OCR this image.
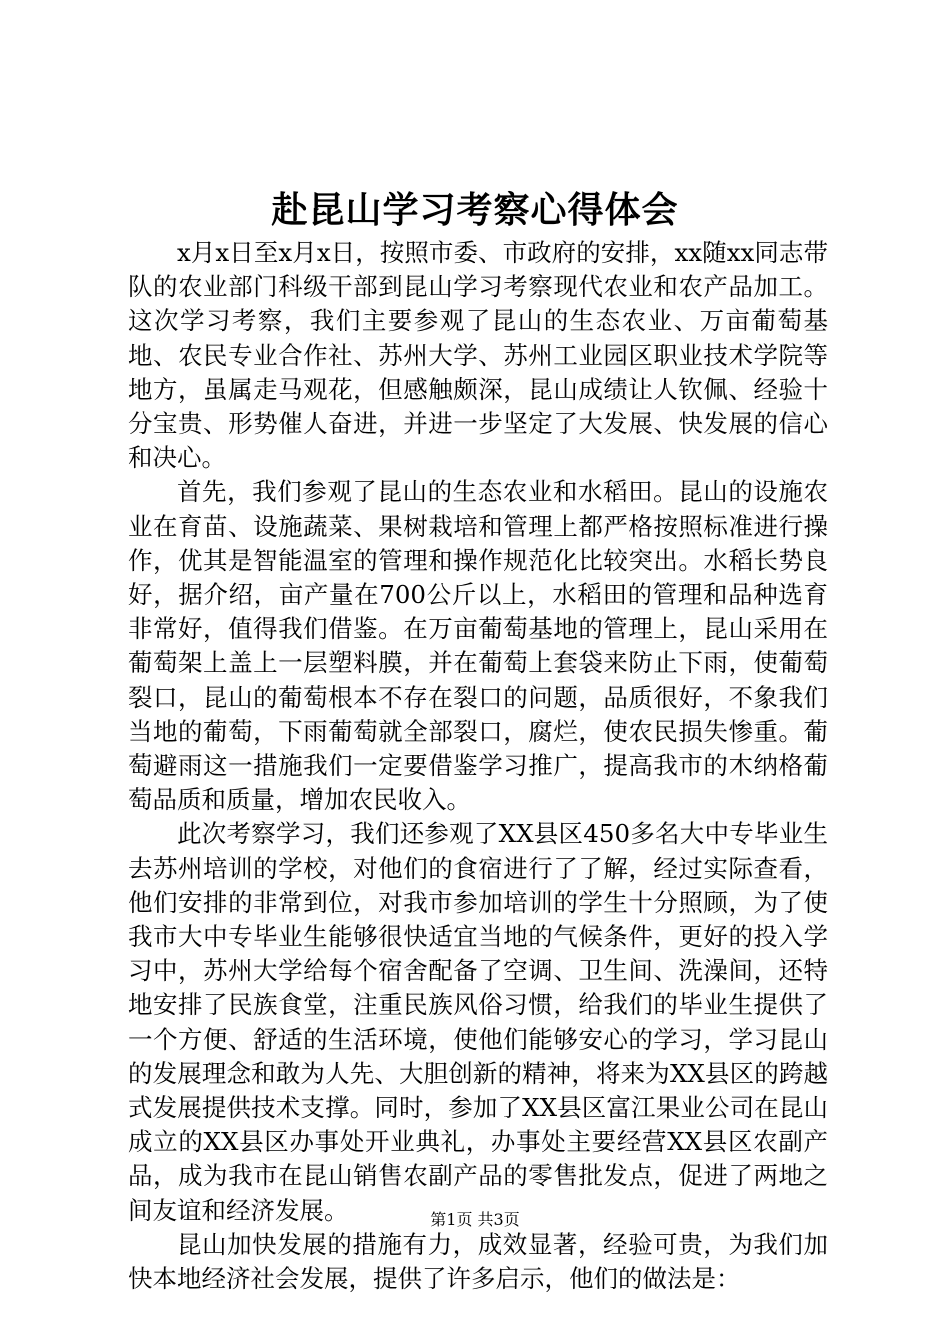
赴昆山学习考察心得体会

x月x日至x月x日，按照市委、市政府的安排，xx随xx同志带队的农业部门科级干部到昆山学习考察现代农业和农产品加工。这次学习考察，我们主要参观了昆山的生态农业、万亩葡萄基地、农民专业合作社、苏州大学、苏州工业园区职业技术学院等地方，虽属走马观花，但感触颇深，昆山成绩让人钦佩、经验十分宝贵、形势催人奋进，并进一步坚定了大发展、快发展的信心和决心。

首先，我们参观了昆山的生态农业和水稻田。昆山的设施农业在育苗、设施蔬菜、果树栽培和管理上都严格按照标准进行操作，优其是智能温室的管理和操作规范化比较突出。水稻长势良好，据介绍，亩产量在700公斤以上，水稻田的管理和品种选育非常好，值得我们借鉴。在万亩葡萄基地的管理上，昆山采用在葡萄架上盖上一层塑料膜，并在葡萄上套袋来防止下雨，使葡萄裂口，昆山的葡萄根本不存在裂口的问题，品质很好，不象我们当地的葡萄，下雨葡萄就全部裂口，腐烂，使农民损失惨重。葡萄避雨这一措施我们一定要借鉴学习推广，提高我市的木纳格葡萄品质和质量，增加农民收入。

此次考察学习，我们还参观了XX县区450多名大中专毕业生去苏州培训的学校，对他们的食宿进行了了解，经过实际查看，他们安排的非常到位，对我市参加培训的学生十分照顾，为了使我市大中专毕业生能够很快适宜当地的气候条件，更好的投入学习中，苏州大学给每个宿舍配备了空调、卫生间、洗澡间，还特地安排了民族食堂，注重民族风俗习惯，给我们的毕业生提供了一个方便、舒适的生活环境，使他们能够安心的学习，学习昆山的发展理念和敢为人先、大胆创新的精神，将来为XX县区的跨越式发展提供技术支撑。同时，参加了XX县区富江果业公司在昆山成立的XX县区办事处开业典礼，办事处主要经营XX县区农副产品，成为我市在昆山销售农副产品的零售批发点，促进了两地之间友谊和经济发展。

昆山加快发展的措施有力，成效显著，经验可贵，为我们加快本地经济社会发展，提供了许多启示，他们的做法是：

第1页 共3页
